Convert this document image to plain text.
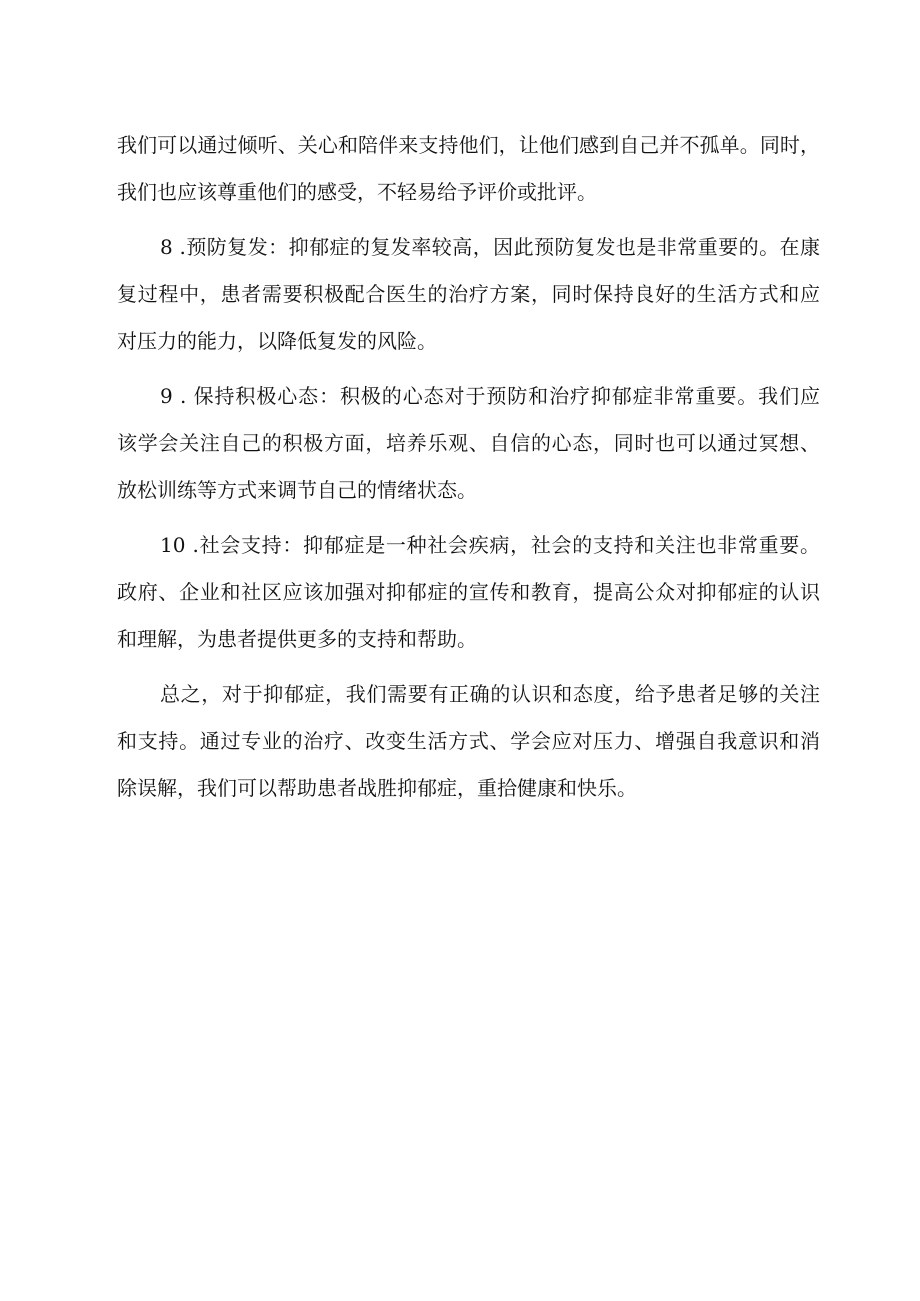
我们可以通过倾听、关心和陪伴来支持他们，让他们感到自己并不孤单。同时，
我们也应该尊重他们的感受，不轻易给予评价或批评。
8 .预防复发：抑郁症的复发率较高，因此预防复发也是非常重要的。在康
复过程中，患者需要积极配合医生的治疗方案，同时保持良好的生活方式和应
对压力的能力，以降低复发的风险。
9 . 保持积极心态：积极的心态对于预防和治疗抑郁症非常重要。我们应
该学会关注自己的积极方面，培养乐观、自信的心态，同时也可以通过冥想、
放松训练等方式来调节自己的情绪状态。
10 .社会支持：抑郁症是一种社会疾病，社会的支持和关注也非常重要。
政府、企业和社区应该加强对抑郁症的宣传和教育，提高公众对抑郁症的认识
和理解，为患者提供更多的支持和帮助。
总之，对于抑郁症，我们需要有正确的认识和态度，给予患者足够的关注
和支持。通过专业的治疗、改变生活方式、学会应对压力、增强自我意识和消
除误解，我们可以帮助患者战胜抑郁症，重拾健康和快乐。
